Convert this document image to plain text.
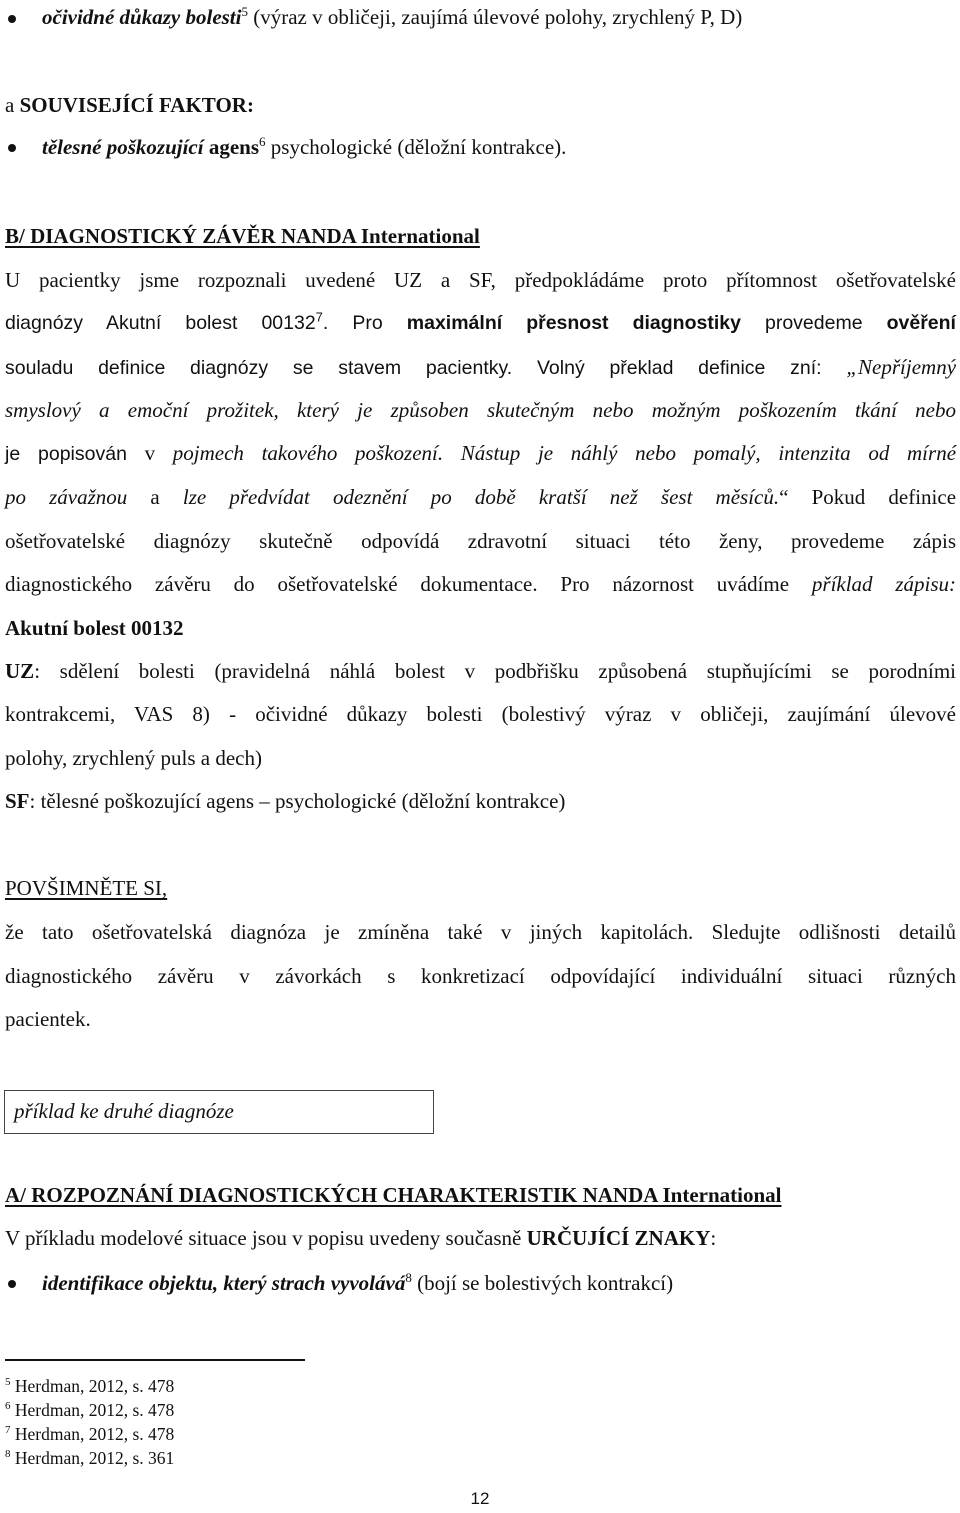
očividné důkazy bolesti$^5$ (výraz v obličeji, zaujímá úlevové polohy, zrychlený P, D)
a SOUVISEJÍCÍ FAKTOR:
tělesné poškozující agens$^6$ psychologické (děložní kontrakce).
B/ DIAGNOSTICKÝ ZÁVĚR NANDA International
U pacientky jsme rozpoznali uvedené UZ a SF, předpokládáme proto přítomnost ošetřovatelské
diagnózy Akutní bolest 00132$^7$. Pro maximální přesnost diagnostiky provedeme ověření
souladu definice diagnózy se stavem pacientky. Volný překlad definice zní: „Nepříjemný
smyslový a emoční prožitek, který je způsoben skutečným nebo možným poškozením tkání nebo
je popisován v pojmech takového poškození. Nástup je náhlý nebo pomalý, intenzita od mírné
po závažnou a lze předvídat odeznění po době kratší než šest měsíců.“ Pokud definice
ošetřovatelské diagnózy skutečně odpovídá zdravotní situaci této ženy, provedeme zápis
diagnostického závěru do ošetřovatelské dokumentace. Pro názornost uvádíme příklad zápisu:
Akutní bolest 00132
UZ: sdělení bolesti (pravidelná náhlá bolest v podbřišku způsobená stupňujícími se porodními
kontrakcemi, VAS 8) - očividné důkazy bolesti (bolestivý výraz v obličeji, zaujímání úlevové
polohy, zrychlený puls a dech)
SF: tělesné poškozující agens – psychologické (děložní kontrakce)
POVŠIMNĚTE SI,
že tato ošetřovatelská diagnóza je zmíněna také v jiných kapitolách. Sledujte odlišnosti detailů
diagnostického závěru v závorkách s konkretizací odpovídající individuální situaci různých
pacientek.
příklad ke druhé diagnóze
A/ ROZPOZNÁNÍ DIAGNOSTICKÝCH CHARAKTERISTIK NANDA International
V příkladu modelové situace jsou v popisu uvedeny současně URČUJÍCÍ ZNAKY:
identifikace objektu, který strach vyvolává$^8$ (bojí se bolestivých kontrakcí)
$^5$ Herdman, 2012, s. 478
$^6$ Herdman, 2012, s. 478
$^7$ Herdman, 2012, s. 478
$^8$ Herdman, 2012, s. 361
12
